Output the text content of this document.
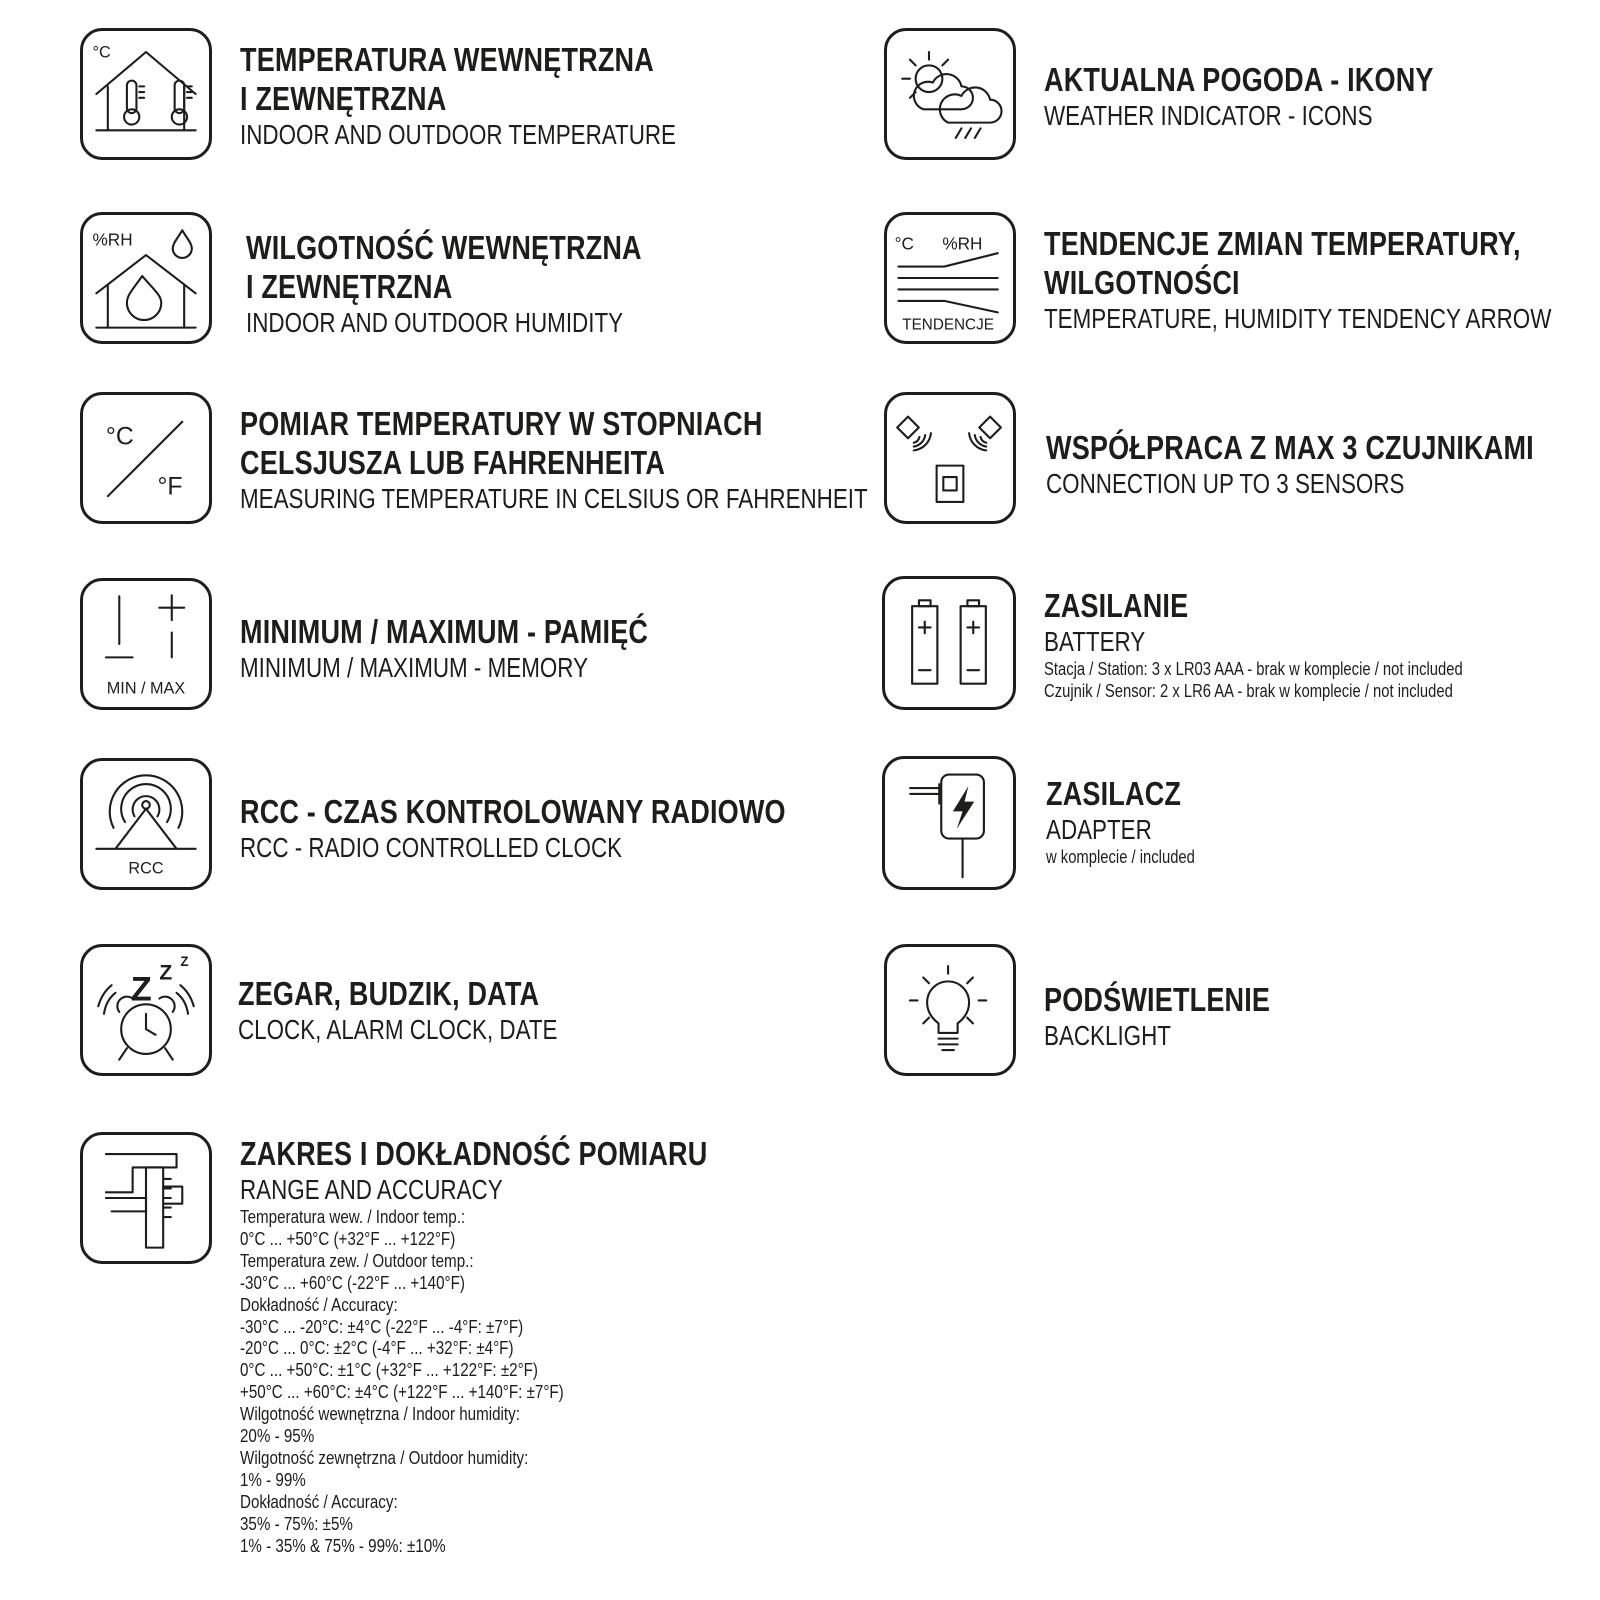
°C	TEMPERATURA WEWNĘTRZNA
I ZEWNĘTRZNA
INDOOR AND OUTDOOR TEMPERATURE
%RH	WILGOTNOŚĆ WEWNĘTRZNA
I ZEWNĘTRZNA
INDOOR AND OUTDOOR HUMIDITY
°C
°F
POMIAR TEMPERATURY W STOPNIACH
CELSJUSZA LUB FAHRENHEITA
MEASURING TEMPERATURE IN CELSIUS OR FAHRENHEIT
MIN / MAX
MINIMUM / MAXIMUM - PAMIĘĆ
MINIMUM / MAXIMUM - MEMORY
RCC
RCC - CZAS KONTROLOWANY RADIOWO
RCC - RADIO CONTROLLED CLOCK
Z Z Z
ZEGAR, BUDZIK, DATA
CLOCK, ALARM CLOCK, DATE
ZAKRES I DOKŁADNOŚĆ POMIARU
RANGE AND ACCURACY
Temperatura wew. / Indoor temp.:
0°C ... +50°C (+32°F ... +122°F)
Temperatura zew. / Outdoor temp.:
-30°C ... +60°C (-22°F ... +140°F)
Dokładność / Accuracy:
-30°C ... -20°C: ±4°C (-22°F ... -4°F: ±7°F)
-20°C ... 0°C: ±2°C (-4°F ... +32°F: ±4°F)
0°C ... +50°C: ±1°C (+32°F ... +122°F: ±2°F)
+50°C ... +60°C: ±4°C (+122°F ... +140°F: ±7°F)
Wilgotność wewnętrzna / Indoor humidity:
20% - 95%
Wilgotność zewnętrzna / Outdoor humidity:
1% - 99%
Dokładność / Accuracy:
35% - 75%: ±5%
1% - 35% & 75% - 99%: ±10%
AKTUALNA POGODA - IKONY
WEATHER INDICATOR - ICONS
°C %RH
TENDENCJE
TENDENCJE ZMIAN TEMPERATURY,
WILGOTNOŚCI
TEMPERATURE, HUMIDITY TENDENCY ARROW
WSPÓŁPRACA Z MAX 3 CZUJNIKAMI
CONNECTION UP TO 3 SENSORS
ZASILANIE
BATTERY
Stacja / Station: 3 x LR03 AAA - brak w komplecie / not included
Czujnik / Sensor: 2 x LR6 AA - brak w komplecie / not included
ZASILACZ
ADAPTER
w komplecie / included
PODŚWIETLENIE
BACKLIGHT
